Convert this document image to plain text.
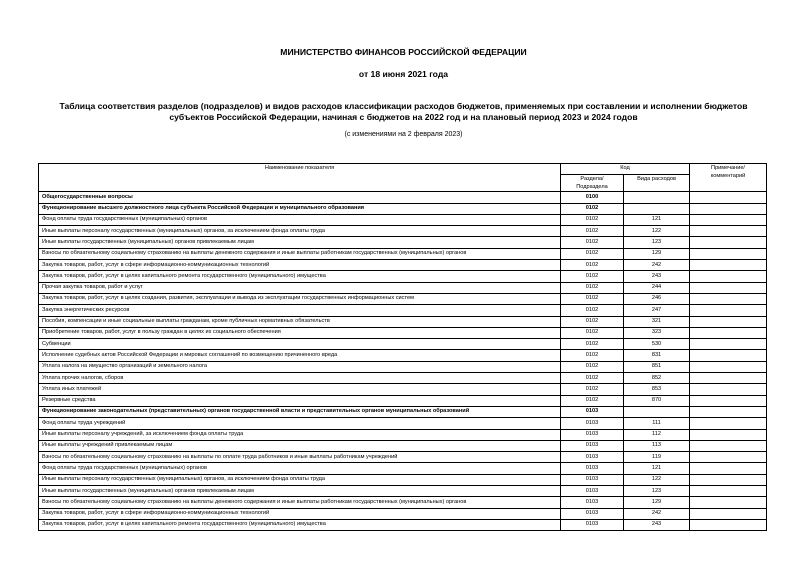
МИНИСТЕРСТВО ФИНАНСОВ РОССИЙСКОЙ ФЕДЕРАЦИИ
от 18 июня 2021 года
Таблица соответствия разделов (подразделов) и видов расходов классификации расходов бюджетов, применяемых при составлении и исполнении бюджетов
субъектов Российской Федерации, начиная с бюджетов на 2022 год и на плановый период 2023 и 2024 годов
(с изменениями на 2 февраля 2023)
Наименование показателя	Код		Примечание/
комментарий
	Раздела/
Подраздела	Вида расходов	
Общегосударственные вопросы	0100		
Функционирование высшего должностного лица субъекта Российской Федерации и муниципального образования	0102		
Фонд оплаты труда государственных (муниципальных) органов	0102	121	
Иные выплаты персоналу государственных (муниципальных) органов, за исключением фонда оплаты труда	0102	122	
Иные выплаты государственных (муниципальных) органов привлекаемым лицам	0102	123	
Взносы по обязательному социальному страхованию на выплаты денежного содержания и иные выплаты работникам государственных (муниципальных) органов	0102	129	
Закупка товаров, работ, услуг в сфере информационно-коммуникационных технологий	0102	242	
Закупка товаров, работ, услуг в целях капитального ремонта государственного (муниципального) имущества	0102	243	
Прочая закупка товаров, работ и услуг	0102	244	
Закупка товаров, работ, услуг в целях создания, развития, эксплуатации и вывода из эксплуатации государственных информационных систем	0102	246	
Закупка энергетических ресурсов	0102	247	
Пособия, компенсации и иные социальные выплаты гражданам, кроме публичных нормативных обязательств	0102	321	
Приобретение товаров, работ, услуг в пользу граждан в целях их социального обеспечения	0102	323	
Субвенции	0102	530	
Исполнение судебных актов Российской Федерации и мировых соглашений по возмещению причиненного вреда	0102	831	
Уплата налога на имущество организаций и земельного налога	0102	851	
Уплата прочих налогов, сборов	0102	852	
Уплата иных платежей	0102	853	
Резервные средства	0102	870	
Функционирование законодательных (представительных) органов государственной власти и представительных органов муниципальных образований	0103		
Фонд оплаты труда учреждений	0103	111	
Иные выплаты персоналу учреждений, за исключением фонда оплаты труда	0103	112	
Иные выплаты учреждений привлекаемым лицам	0103	113	
Взносы по обязательному социальному страхованию на выплаты по оплате труда работников и иные выплаты работникам учреждений	0103	119	
Фонд оплаты труда государственных (муниципальных) органов	0103	121	
Иные выплаты персоналу государственных (муниципальных) органов, за исключением фонда оплаты труда	0103	122	
Иные выплаты государственных (муниципальных) органов привлекаемым лицам	0103	123	
Взносы по обязательному социальному страхованию на выплаты денежного содержания и иные выплаты работникам государственных (муниципальных) органов	0103	129	
Закупка товаров, работ, услуг в сфере информационно-коммуникационных технологий	0103	242	
Закупка товаров, работ, услуг в целях капитального ремонта государственного (муниципального) имущества	0103	243	
